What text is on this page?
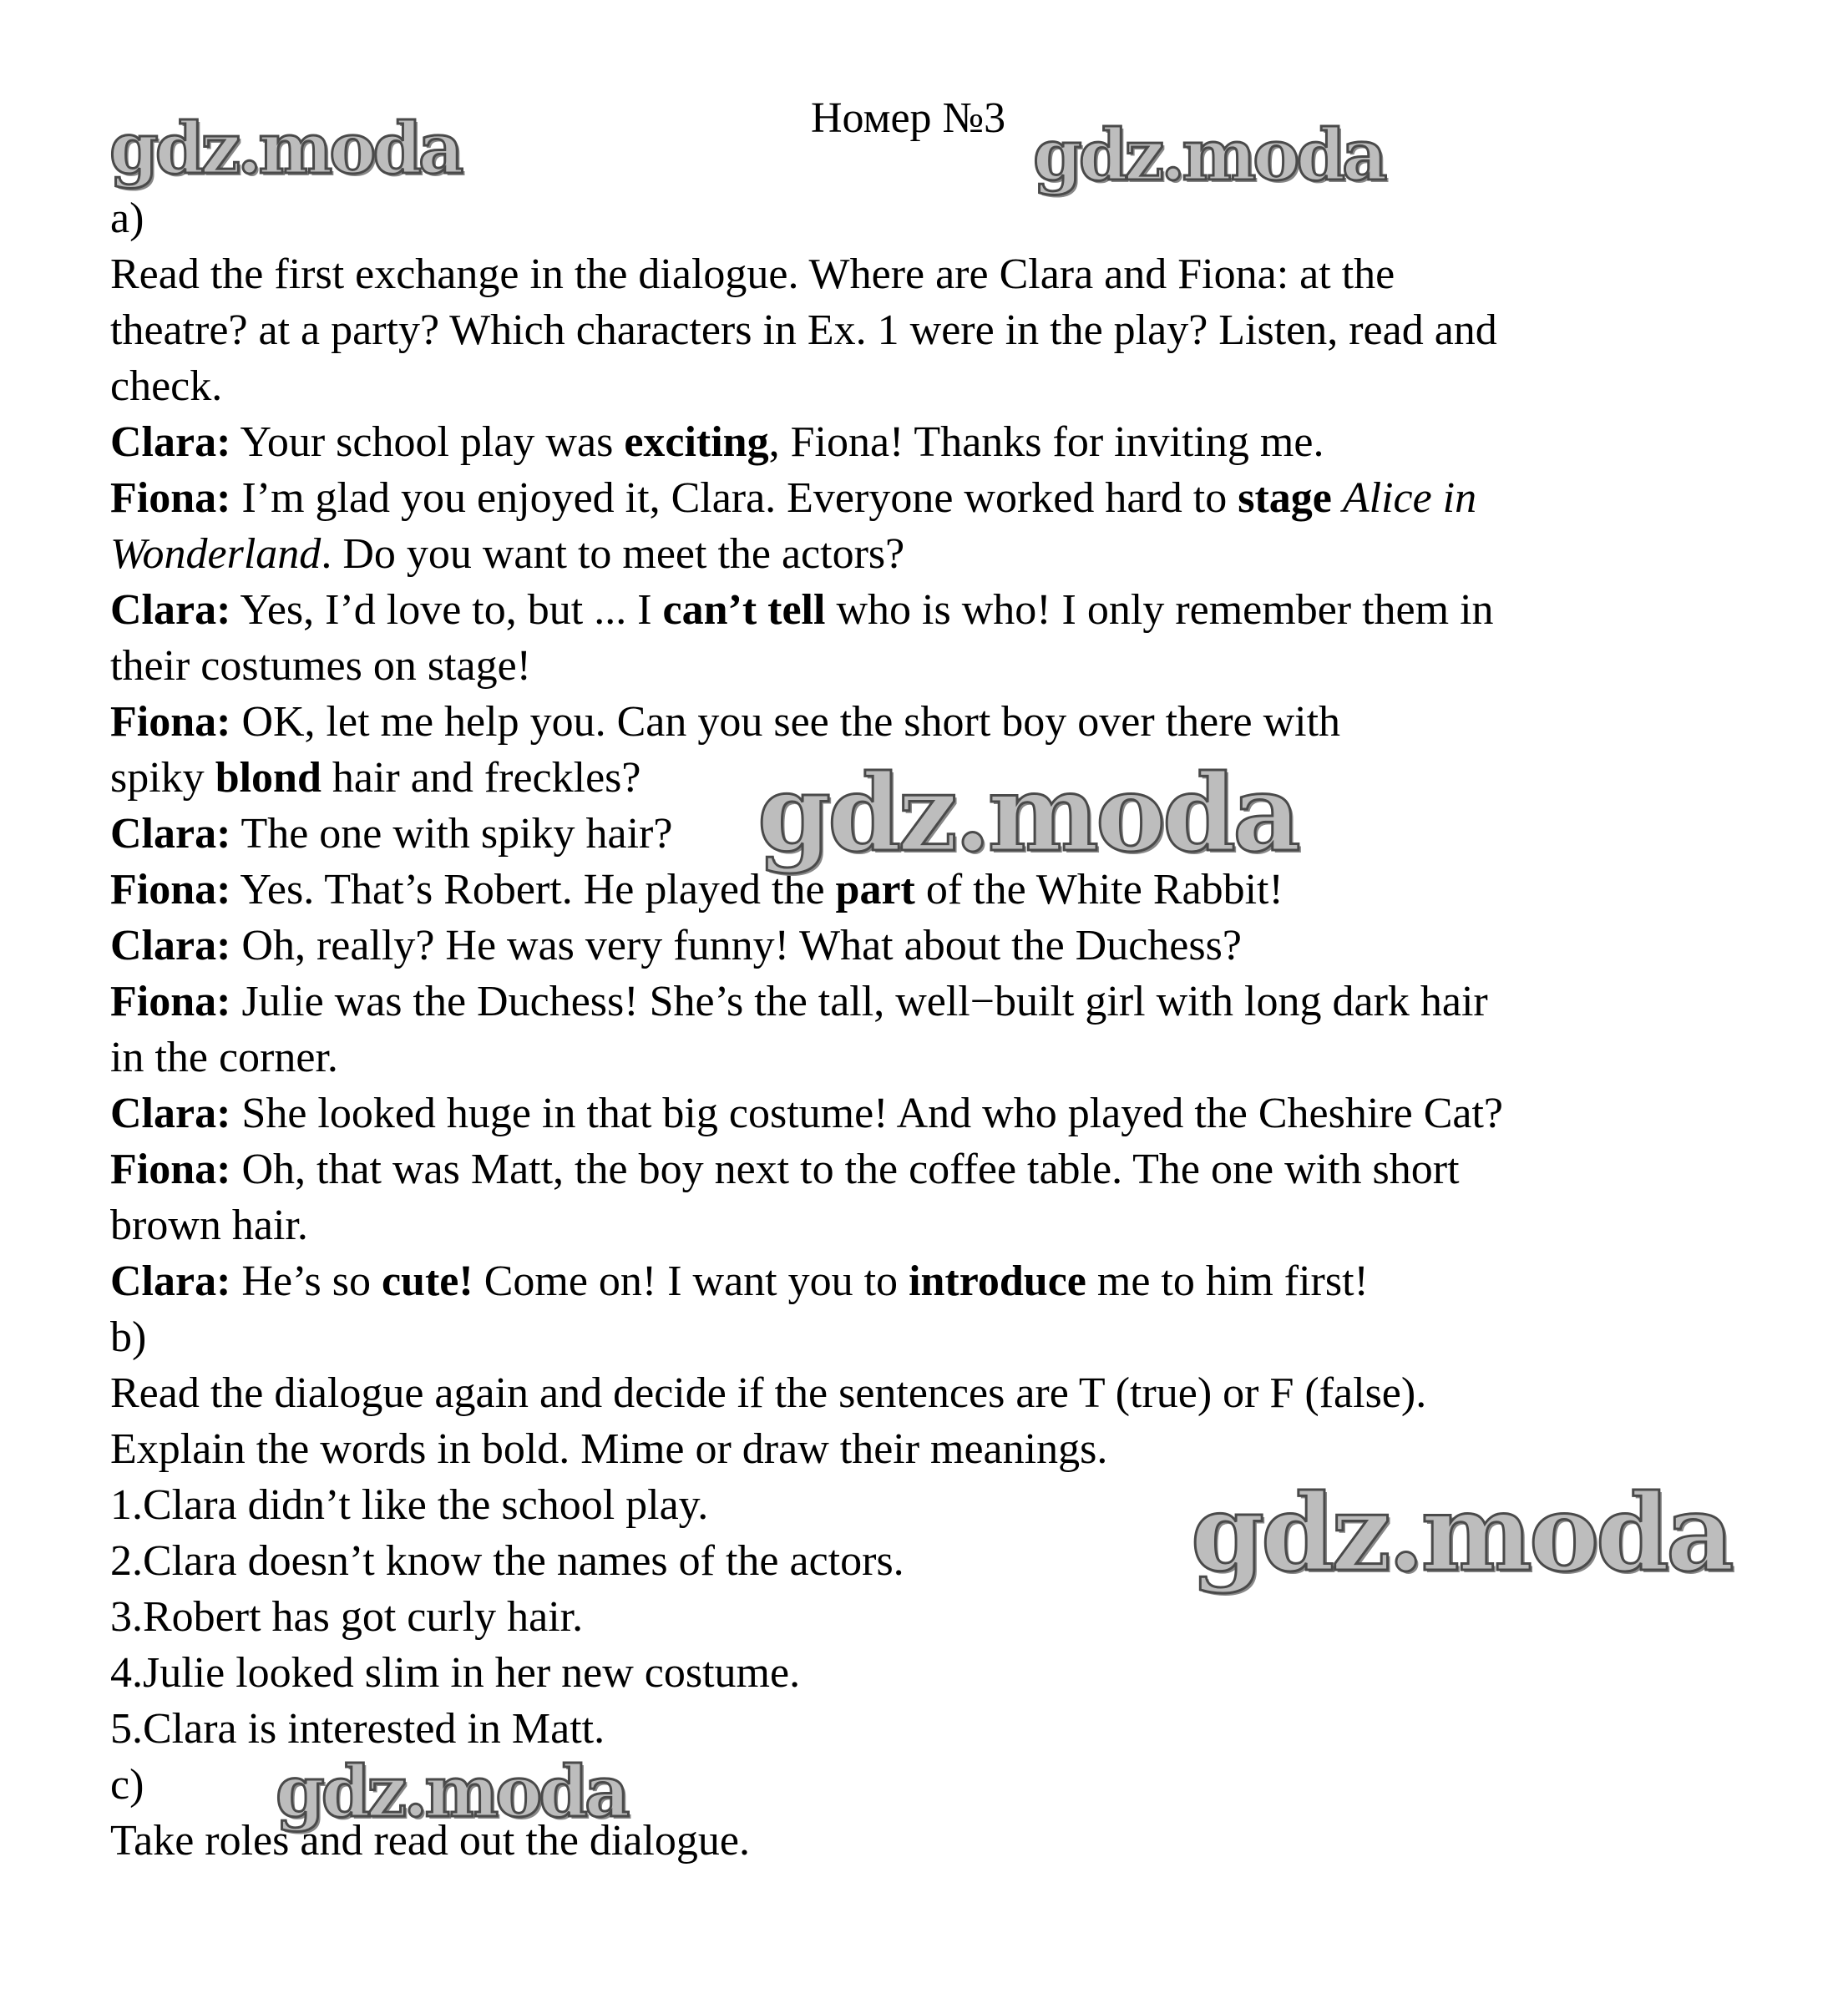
Номер №3
a)
Read the first exchange in the dialogue. Where are Clara and Fiona: at the
theatre? at a party? Which characters in Ex. 1 were in the play? Listen, read and
check.
Clara: Your school play was exciting, Fiona! Thanks for inviting me.
Fiona: I’m glad you enjoyed it, Clara. Everyone worked hard to stage Alice in
Wonderland. Do you want to meet the actors?
Clara: Yes, I’d love to, but ... I can’t tell who is who! I only remember them in
their costumes on stage!
Fiona: OK, let me help you. Can you see the short boy over there with
spiky blond hair and freckles?
Clara: The one with spiky hair?
Fiona: Yes. That’s Robert. He played the part of the White Rabbit!
Clara: Oh, really? He was very funny! What about the Duchess?
Fiona: Julie was the Duchess! She’s the tall, well−built girl with long dark hair
in the corner.
Clara: She looked huge in that big costume! And who played the Cheshire Cat?
Fiona: Oh, that was Matt, the boy next to the coffee table. The one with short
brown hair.
Clara: He’s so cute! Come on! I want you to introduce me to him first!
b)
Read the dialogue again and decide if the sentences are T (true) or F (false).
Explain the words in bold. Mime or draw their meanings.
1.Clara didn’t like the school play.
2.Clara doesn’t know the names of the actors.
3.Robert has got curly hair.
4.Julie looked slim in her new costume.
5.Clara is interested in Matt.
c)
Take roles and read out the dialogue.
gdz.moda	gdz.moda
gdz.moda
gdz.moda
gdz.moda
